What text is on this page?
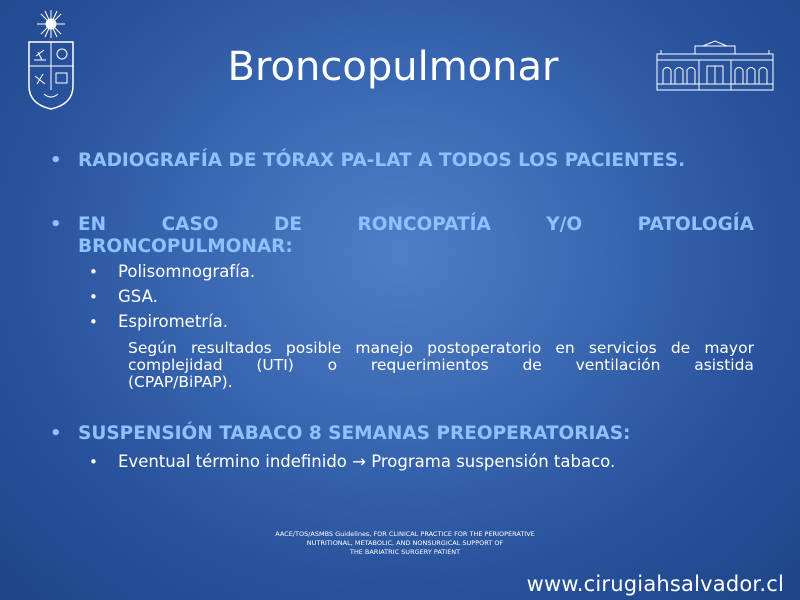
Broncopulmonar
• RADIOGRAFÍA DE TÓRAX PA-LAT A TODOS LOS PACIENTES.
• EN	CASO	DE	RONCOPATÍA	Y/O	PATOLOGÍA
BRONCOPULMONAR:
• Polisomnografía.
• GSA.
• Espirometría.
Según resultados posible manejo postoperatorio en servicios de mayor
complejidad (UTI) o requerimientos de ventilación asistida
(CPAP/BiPAP).
• SUSPENSIÓN TABACO 8 SEMANAS PREOPERATORIAS:
• Eventual término indefinido → Programa suspensión tabaco.
AACE/TOS/ASMBS Guidelines, FOR CLINICAL PRACTICE FOR THE PERIOPERATIVE
NUTRITIONAL, METABOLIC, AND NONSURGICAL SUPPORT OF
THE BARIATRIC SURGERY PATIENT
www.cirugiahsalvador.cl
